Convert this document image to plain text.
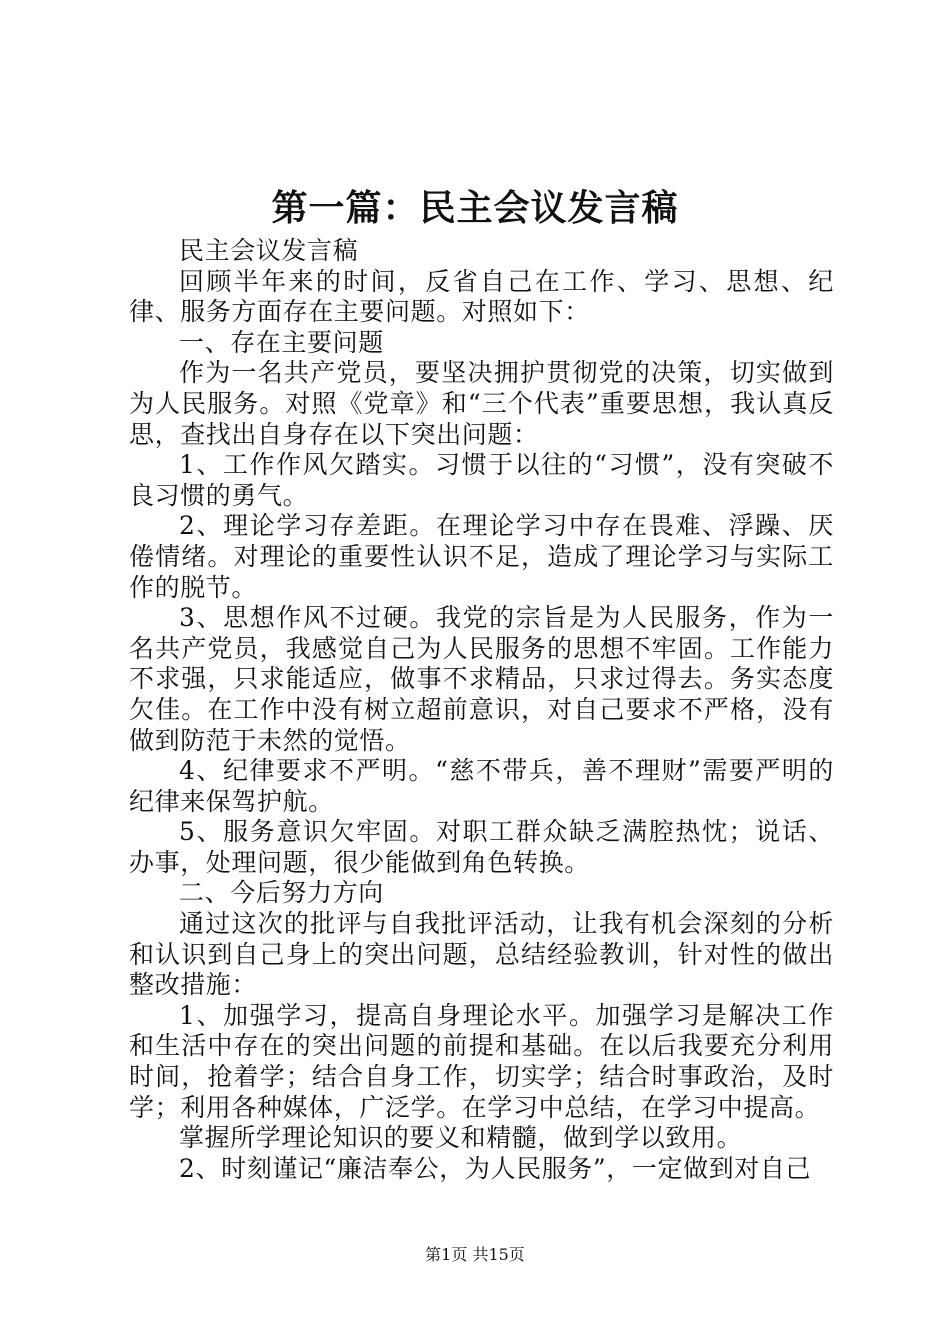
第一篇：民主会议发言稿

民主会议发言稿

回顾半年来的时间，反省自己在工作、学习、思想、纪律、服务方面存在主要问题。对照如下：

一、存在主要问题

作为一名共产党员，要坚决拥护贯彻党的决策，切实做到为人民服务。对照《党章》和“三个代表”重要思想，我认真反思，查找出自身存在以下突出问题：

1、工作作风欠踏实。习惯于以往的“习惯”，没有突破不良习惯的勇气。

2、理论学习存差距。在理论学习中存在畏难、浮躁、厌倦情绪。对理论的重要性认识不足，造成了理论学习与实际工作的脱节。

3、思想作风不过硬。我党的宗旨是为人民服务，作为一名共产党员，我感觉自己为人民服务的思想不牢固。工作能力不求强，只求能适应，做事不求精品，只求过得去。务实态度欠佳。在工作中没有树立超前意识，对自己要求不严格，没有做到防范于未然的觉悟。

4、纪律要求不严明。“慈不带兵，善不理财”需要严明的纪律来保驾护航。

5、服务意识欠牢固。对职工群众缺乏满腔热忱；说话、办事，处理问题，很少能做到角色转换。

二、今后努力方向

通过这次的批评与自我批评活动，让我有机会深刻的分析和认识到自己身上的突出问题，总结经验教训，针对性的做出整改措施：

1、加强学习，提高自身理论水平。加强学习是解决工作和生活中存在的突出问题的前提和基础。在以后我要充分利用时间，抢着学；结合自身工作，切实学；结合时事政治，及时学；利用各种媒体，广泛学。在学习中总结，在学习中提高。

掌握所学理论知识的要义和精髓，做到学以致用。

2、时刻谨记“廉洁奉公，为人民服务”，一定做到对自己

第1页 共15页
